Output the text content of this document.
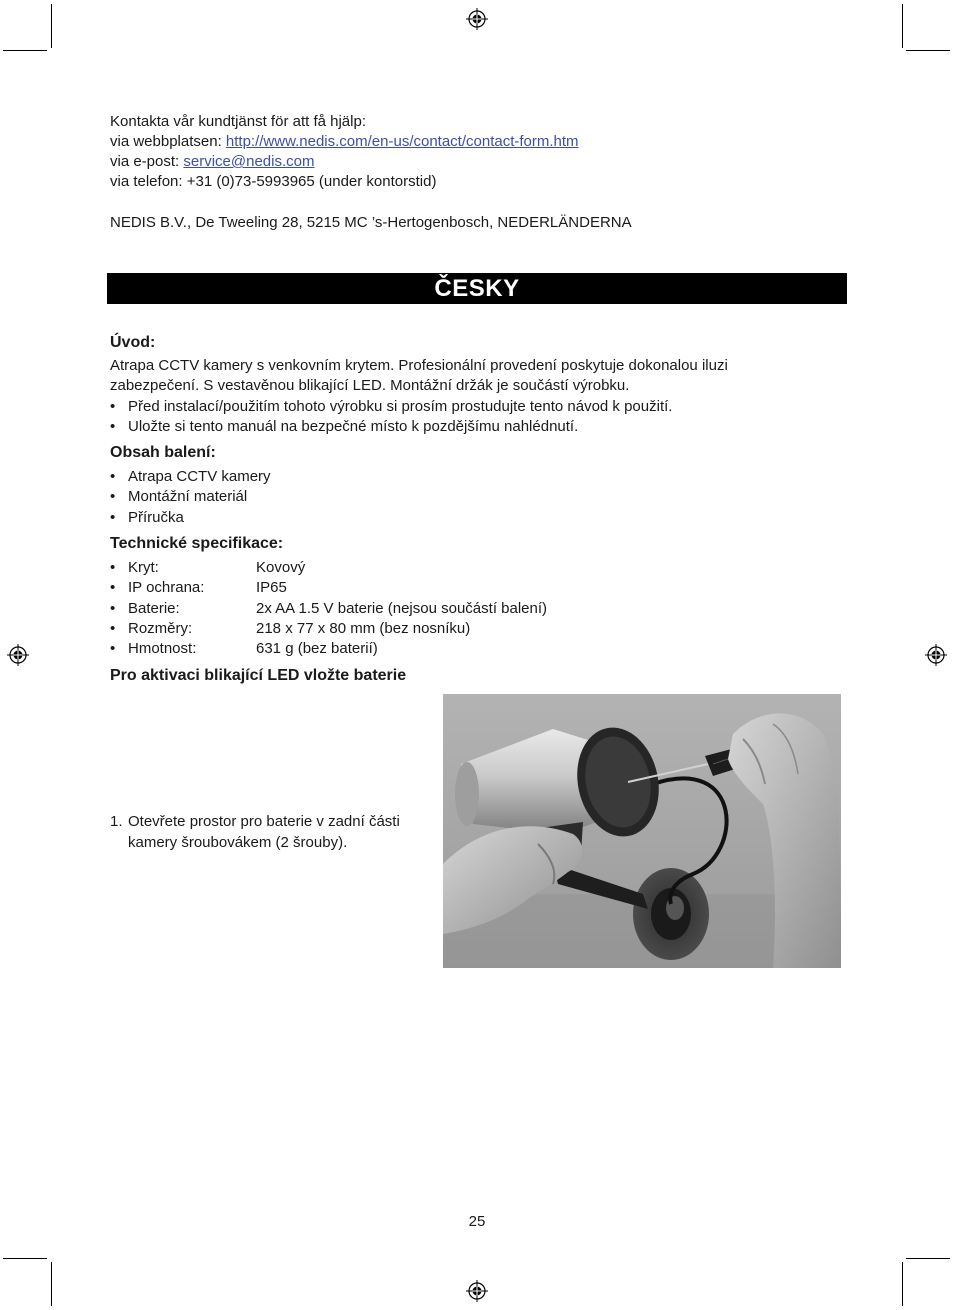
Kontakta vår kundtjänst för att få hjälp:
via webbplatsen: http://www.nedis.com/en-us/contact/contact-form.htm
via e-post: service@nedis.com
via telefon: +31 (0)73-5993965 (under kontorstid)
NEDIS B.V., De Tweeling 28, 5215 MC ’s-Hertogenbosch, NEDERLÄNDERNA
ČESKY
Úvod:
Atrapa CCTV kamery s venkovním krytem. Profesionální provedení poskytuje dokonalou iluzi
zabezpečení. S vestavěnou blikající LED. Montážní držák je součástí výrobku.
• Před instalací/použitím tohoto výrobku si prosím prostudujte tento návod k použití.
• Uložte si tento manuál na bezpečné místo k pozdějšímu nahlédnutí.
Obsah balení:
• Atrapa CCTV kamery
• Montážní materiál
• Příručka
Technické specifikace:
• Kryt:	Kovový
• IP ochrana:	IP65
• Baterie:	2x AA 1.5 V baterie (nejsou součástí balení)
• Rozměry:	218 x 77 x 80 mm (bez nosníku)
• Hmotnost:	631 g (bez baterií)
Pro aktivaci blikající LED vložte baterie
1. Otevřete prostor pro baterie v zadní části
kamery šroubovákem (2 šrouby).
25
